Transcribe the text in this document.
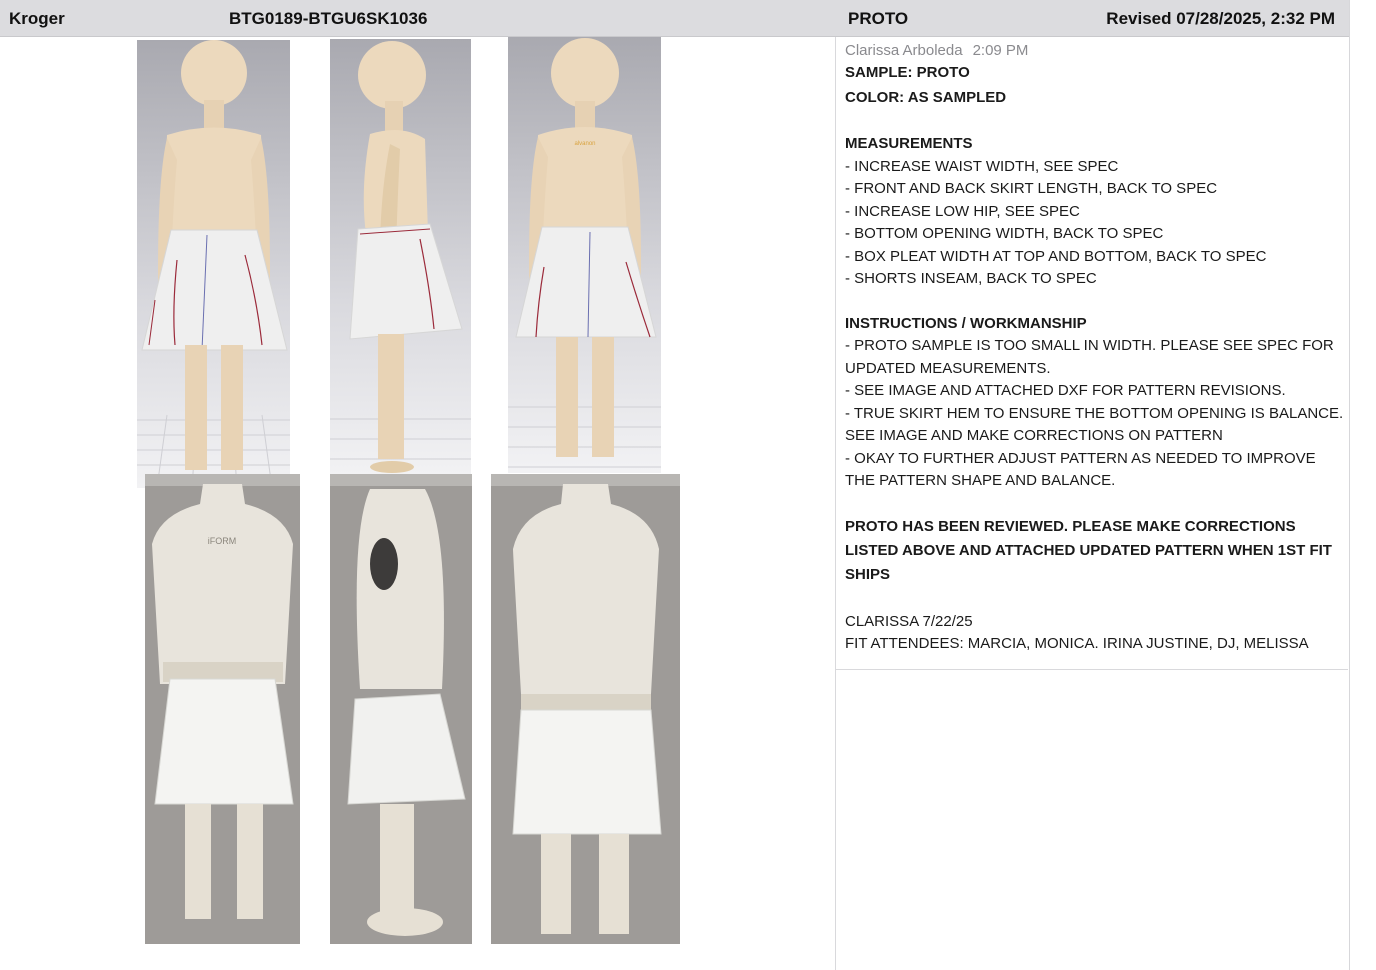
Kroger	BTG0189-BTGU6SK1036	PROTO	Revised 07/28/2025, 2:32 PM
alvanon
iFORM
Clarissa Arboleda 2:09 PM
SAMPLE: PROTO
COLOR: AS SAMPLED
MEASUREMENTS
- INCREASE WAIST WIDTH, SEE SPEC
- FRONT AND BACK SKIRT LENGTH, BACK TO SPEC
- INCREASE LOW HIP, SEE SPEC
- BOTTOM OPENING WIDTH, BACK TO SPEC
- BOX PLEAT WIDTH AT TOP AND BOTTOM, BACK TO SPEC
- SHORTS INSEAM, BACK TO SPEC
INSTRUCTIONS / WORKMANSHIP
- PROTO SAMPLE IS TOO SMALL IN WIDTH. PLEASE SEE SPEC FOR UPDATED MEASUREMENTS.
- SEE IMAGE AND ATTACHED DXF FOR PATTERN REVISIONS.
- TRUE SKIRT HEM TO ENSURE THE BOTTOM OPENING IS BALANCE. SEE IMAGE AND MAKE CORRECTIONS ON PATTERN
- OKAY TO FURTHER ADJUST PATTERN AS NEEDED TO IMPROVE THE PATTERN SHAPE AND BALANCE.
PROTO HAS BEEN REVIEWED. PLEASE MAKE CORRECTIONS LISTED ABOVE AND ATTACHED UPDATED PATTERN WHEN 1ST FIT SHIPS
CLARISSA 7/22/25
FIT ATTENDEES: MARCIA, MONICA. IRINA JUSTINE, DJ, MELISSA
